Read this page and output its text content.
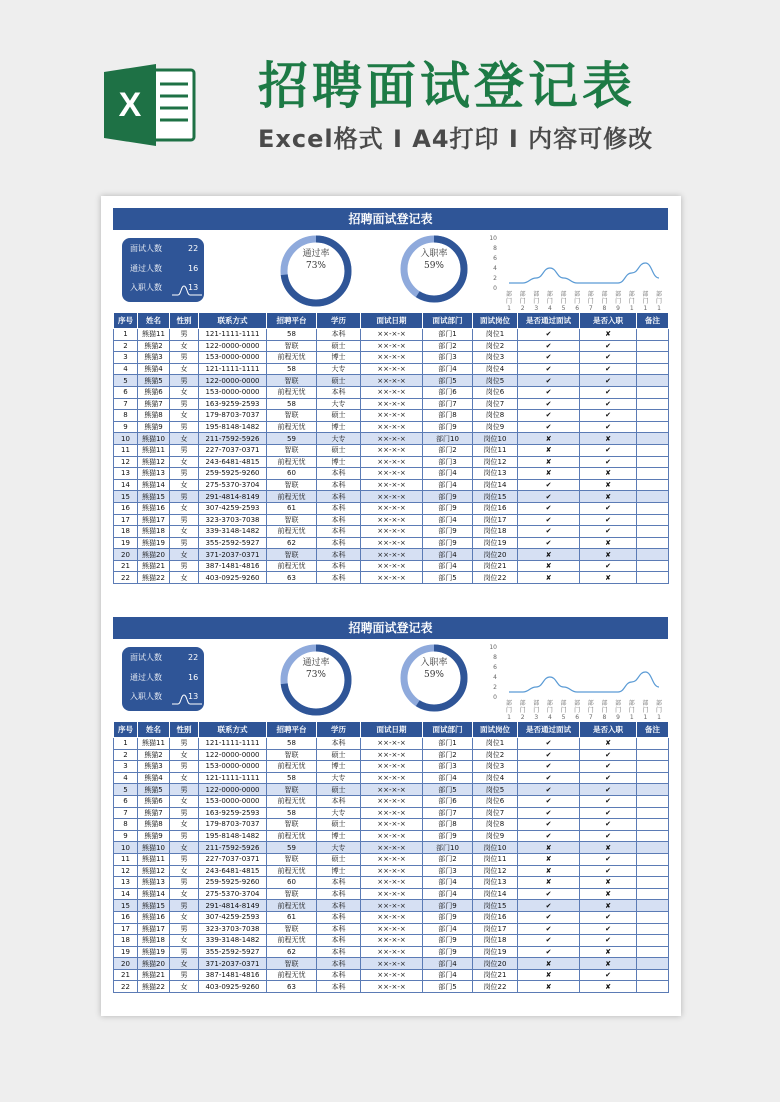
X 招聘面试登记表
Excel格式 I A4打印 I 内容可修改
招聘面试登记表
面试人数	22
通过人数	16
入职人数	13
通过率
73%
入职率
59%
10
8
6
4
2
0
部门 1
部门 2
部门 3
部门 4
部门 5
部门 6
部门 7
部门 8
部门 9
部门 1
部门 1
部门 1
序号	姓名	性别	联系方式	招聘平台	学历	面试日期	面试部门	面试岗位	是否通过面试	是否入职	备注
1	熊猫11	男	121-1111-1111	58	本科	××-×-×	部门1	岗位1	✔	✘	
2	熊猫2	女	122-0000-0000	智联	硕士	××-×-×	部门2	岗位2	✔	✔	
3	熊猫3	男	153-0000-0000	前程无忧	博士	××-×-×	部门3	岗位3	✔	✔	
4	熊猫4	女	121-1111-1111	58	大专	××-×-×	部门4	岗位4	✔	✔	
5	熊猫5	男	122-0000-0000	智联	硕士	××-×-×	部门5	岗位5	✔	✔	
6	熊猫6	女	153-0000-0000	前程无忧	本科	××-×-×	部门6	岗位6	✔	✔	
7	熊猫7	男	163-9259-2593	58	大专	××-×-×	部门7	岗位7	✔	✔	
8	熊猫8	女	179-8703-7037	智联	硕士	××-×-×	部门8	岗位8	✔	✔	
9	熊猫9	男	195-8148-1482	前程无忧	博士	××-×-×	部门9	岗位9	✔	✔	
10	熊猫10	女	211-7592-5926	59	大专	××-×-×	部门10	岗位10	✘	✘	
11	熊猫11	男	227-7037-0371	智联	硕士	××-×-×	部门2	岗位11	✘	✔	
12	熊猫12	女	243-6481-4815	前程无忧	博士	××-×-×	部门3	岗位12	✘	✔	
13	熊猫13	男	259-5925-9260	60	本科	××-×-×	部门4	岗位13	✘	✘	
14	熊猫14	女	275-5370-3704	智联	本科	××-×-×	部门4	岗位14	✔	✘	
15	熊猫15	男	291-4814-8149	前程无忧	本科	××-×-×	部门9	岗位15	✔	✘	
16	熊猫16	女	307-4259-2593	61	本科	××-×-×	部门9	岗位16	✔	✔	
17	熊猫17	男	323-3703-7038	智联	本科	××-×-×	部门4	岗位17	✔	✔	
18	熊猫18	女	339-3148-1482	前程无忧	本科	××-×-×	部门9	岗位18	✔	✔	
19	熊猫19	男	355-2592-5927	62	本科	××-×-×	部门9	岗位19	✔	✘	
20	熊猫20	女	371-2037-0371	智联	本科	××-×-×	部门4	岗位20	✘	✘	
21	熊猫21	男	387-1481-4816	前程无忧	本科	××-×-×	部门4	岗位21	✘	✔	
22	熊猫22	女	403-0925-9260	63	本科	××-×-×	部门5	岗位22	✘	✘	
招聘面试登记表
面试人数	22
通过人数	16
入职人数	13
通过率
73%
入职率
59%
10
8
6
4
2
0
部门 1
部门 2
部门 3
部门 4
部门 5
部门 6
部门 7
部门 8
部门 9
部门 1
部门 1
部门 1
序号	姓名	性别	联系方式	招聘平台	学历	面试日期	面试部门	面试岗位	是否通过面试	是否入职	备注
1	熊猫11	男	121-1111-1111	58	本科	××-×-×	部门1	岗位1	✔	✘	
2	熊猫2	女	122-0000-0000	智联	硕士	××-×-×	部门2	岗位2	✔	✔	
3	熊猫3	男	153-0000-0000	前程无忧	博士	××-×-×	部门3	岗位3	✔	✔	
4	熊猫4	女	121-1111-1111	58	大专	××-×-×	部门4	岗位4	✔	✔	
5	熊猫5	男	122-0000-0000	智联	硕士	××-×-×	部门5	岗位5	✔	✔	
6	熊猫6	女	153-0000-0000	前程无忧	本科	××-×-×	部门6	岗位6	✔	✔	
7	熊猫7	男	163-9259-2593	58	大专	××-×-×	部门7	岗位7	✔	✔	
8	熊猫8	女	179-8703-7037	智联	硕士	××-×-×	部门8	岗位8	✔	✔	
9	熊猫9	男	195-8148-1482	前程无忧	博士	××-×-×	部门9	岗位9	✔	✔	
10	熊猫10	女	211-7592-5926	59	大专	××-×-×	部门10	岗位10	✘	✘	
11	熊猫11	男	227-7037-0371	智联	硕士	××-×-×	部门2	岗位11	✘	✔	
12	熊猫12	女	243-6481-4815	前程无忧	博士	××-×-×	部门3	岗位12	✘	✔	
13	熊猫13	男	259-5925-9260	60	本科	××-×-×	部门4	岗位13	✘	✘	
14	熊猫14	女	275-5370-3704	智联	本科	××-×-×	部门4	岗位14	✔	✘	
15	熊猫15	男	291-4814-8149	前程无忧	本科	××-×-×	部门9	岗位15	✔	✘	
16	熊猫16	女	307-4259-2593	61	本科	××-×-×	部门9	岗位16	✔	✔	
17	熊猫17	男	323-3703-7038	智联	本科	××-×-×	部门4	岗位17	✔	✔	
18	熊猫18	女	339-3148-1482	前程无忧	本科	××-×-×	部门9	岗位18	✔	✔	
19	熊猫19	男	355-2592-5927	62	本科	××-×-×	部门9	岗位19	✔	✘	
20	熊猫20	女	371-2037-0371	智联	本科	××-×-×	部门4	岗位20	✘	✘	
21	熊猫21	男	387-1481-4816	前程无忧	本科	××-×-×	部门4	岗位21	✘	✔	
22	熊猫22	女	403-0925-9260	63	本科	××-×-×	部门5	岗位22	✘	✘	
